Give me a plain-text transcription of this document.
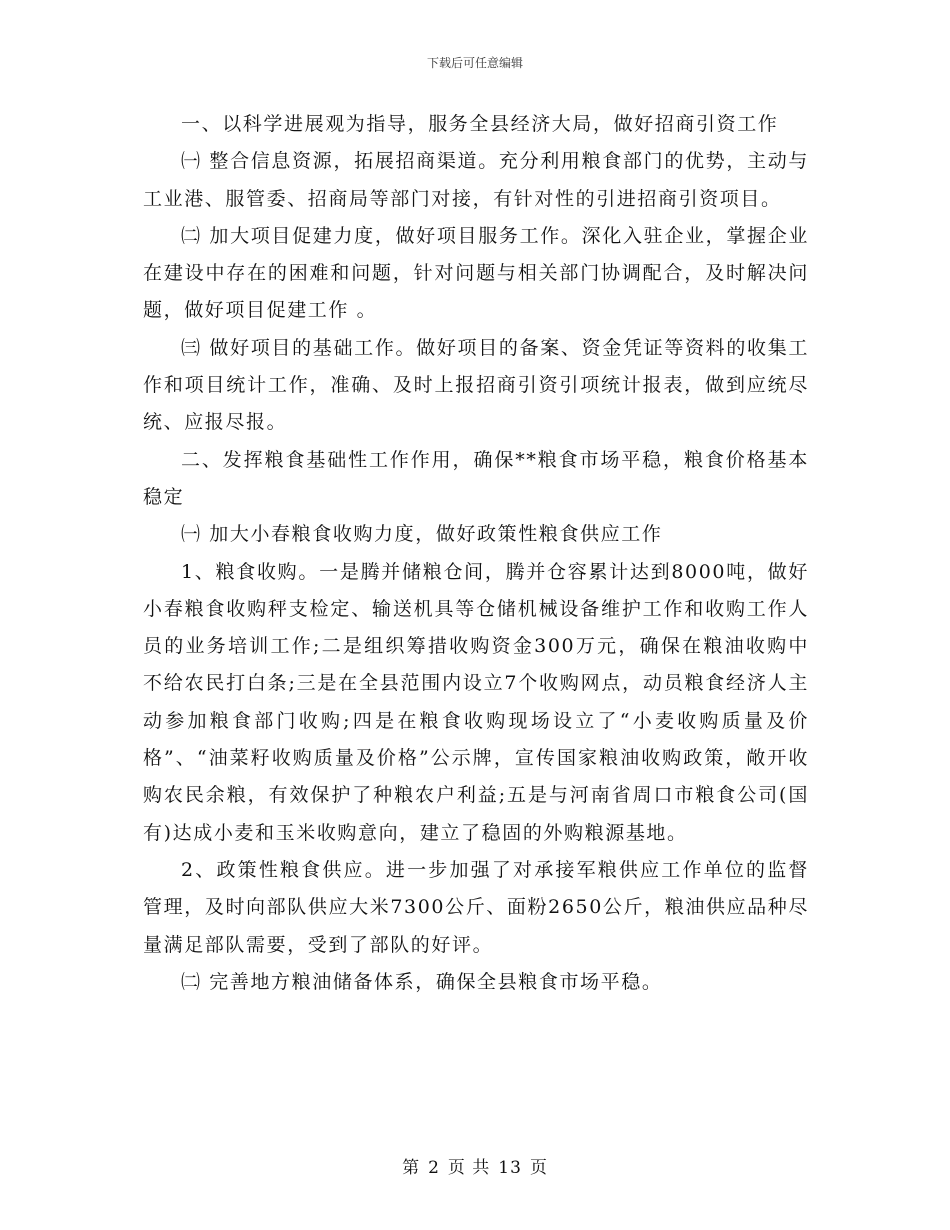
下载后可任意编辑

一、以科学进展观为指导，服务全县经济大局，做好招商引资工作

㈠ 整合信息资源，拓展招商渠道。充分利用粮食部门的优势，主动与工业港、服管委、招商局等部门对接，有针对性的引进招商引资项目。

㈡ 加大项目促建力度，做好项目服务工作。深化入驻企业，掌握企业在建设中存在的困难和问题，针对问题与相关部门协调配合，及时解决问题，做好项目促建工作 。

㈢ 做好项目的基础工作。做好项目的备案、资金凭证等资料的收集工作和项目统计工作，准确、及时上报招商引资引项统计报表，做到应统尽统、应报尽报。

二、发挥粮食基础性工作作用，确保**粮食市场平稳，粮食价格基本稳定

㈠ 加大小春粮食收购力度，做好政策性粮食供应工作

1、粮食收购。一是腾并储粮仓间，腾并仓容累计达到8000吨，做好小春粮食收购秤支检定、输送机具等仓储机械设备维护工作和收购工作人员的业务培训工作;二是组织筹措收购资金300万元，确保在粮油收购中不给农民打白条;三是在全县范围内设立7个收购网点，动员粮食经济人主动参加粮食部门收购;四是在粮食收购现场设立了“小麦收购质量及价格”、“油菜籽收购质量及价格”公示牌，宣传国家粮油收购政策，敞开收购农民余粮，有效保护了种粮农户利益;五是与河南省周口市粮食公司(国有)达成小麦和玉米收购意向，建立了稳固的外购粮源基地。

2、政策性粮食供应。进一步加强了对承接军粮供应工作单位的监督管理，及时向部队供应大米7300公斤、面粉2650公斤，粮油供应品种尽量满足部队需要，受到了部队的好评。

㈡ 完善地方粮油储备体系，确保全县粮食市场平稳。

第 2 页 共 13 页
